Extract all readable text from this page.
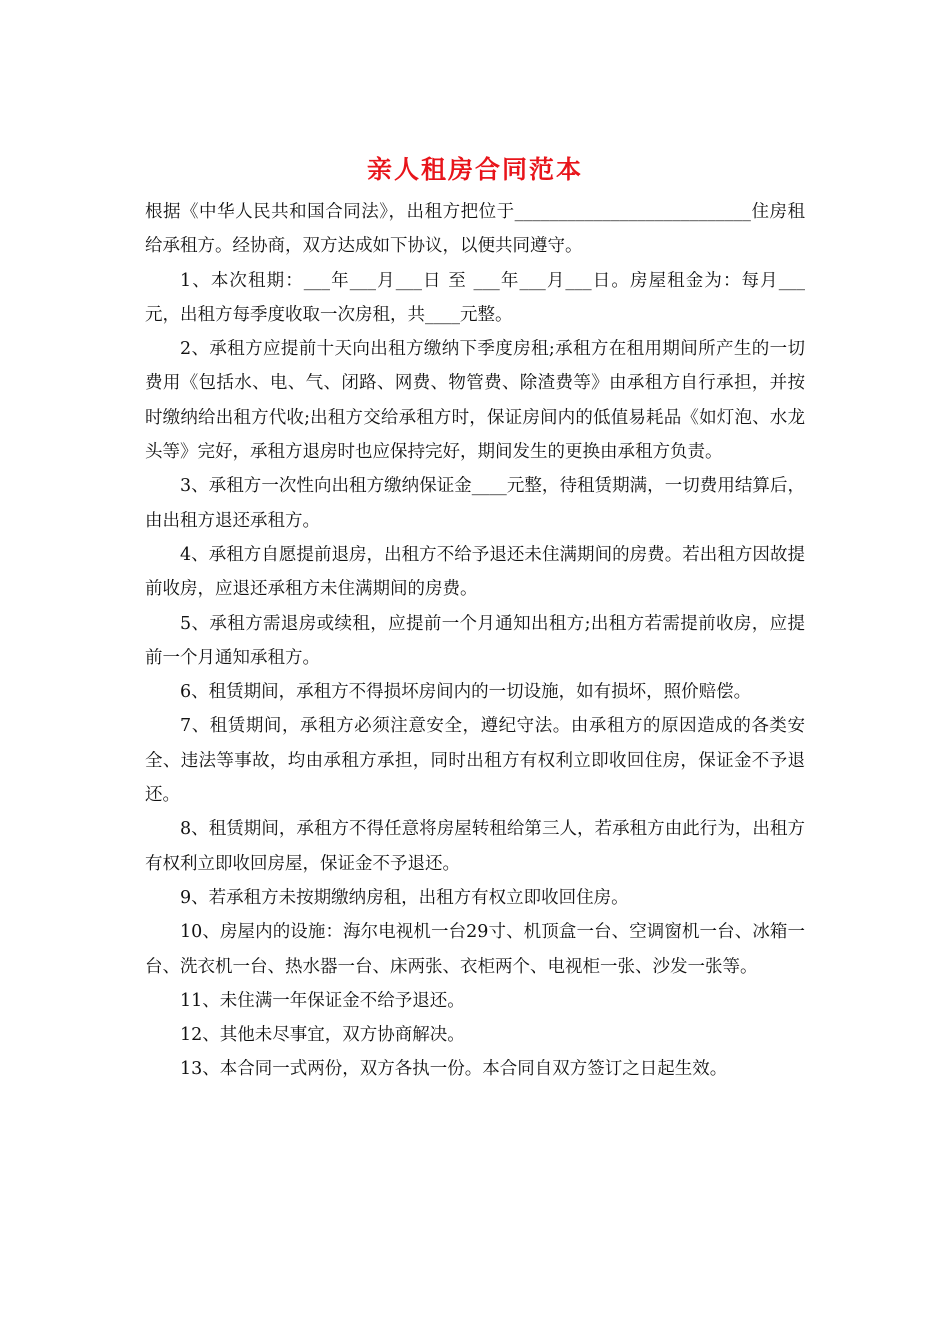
亲人租房合同范本

根据《中华人民共和国合同法》，出租方把位于___________________________住房租给承租方。经协商，双方达成如下协议，以便共同遵守。

1、本次租期：___年___月___日 至 ___年___月___日。房屋租金为：每月___元，出租方每季度收取一次房租，共____元整。

2、承租方应提前十天向出租方缴纳下季度房租;承租方在租用期间所产生的一切费用《包括水、电、气、闭路、网费、物管费、除渣费等》由承租方自行承担，并按时缴纳给出租方代收;出租方交给承租方时，保证房间内的低值易耗品《如灯泡、水龙头等》完好，承租方退房时也应保持完好，期间发生的更换由承租方负责。

3、承租方一次性向出租方缴纳保证金____元整，待租赁期满，一切费用结算后，由出租方退还承租方。

4、承租方自愿提前退房，出租方不给予退还未住满期间的房费。若出租方因故提前收房，应退还承租方未住满期间的房费。

5、承租方需退房或续租，应提前一个月通知出租方;出租方若需提前收房，应提前一个月通知承租方。

6、租赁期间，承租方不得损坏房间内的一切设施，如有损坏，照价赔偿。

7、租赁期间，承租方必须注意安全，遵纪守法。由承租方的原因造成的各类安全、违法等事故，均由承租方承担，同时出租方有权利立即收回住房，保证金不予退还。

8、租赁期间，承租方不得任意将房屋转租给第三人，若承租方由此行为，出租方有权利立即收回房屋，保证金不予退还。

9、若承租方未按期缴纳房租，出租方有权立即收回住房。

10、房屋内的设施：海尔电视机一台29寸、机顶盒一台、空调窗机一台、冰箱一台、洗衣机一台、热水器一台、床两张、衣柜两个、电视柜一张、沙发一张等。

11、未住满一年保证金不给予退还。

12、其他未尽事宜，双方协商解决。

13、本合同一式两份，双方各执一份。本合同自双方签订之日起生效。
